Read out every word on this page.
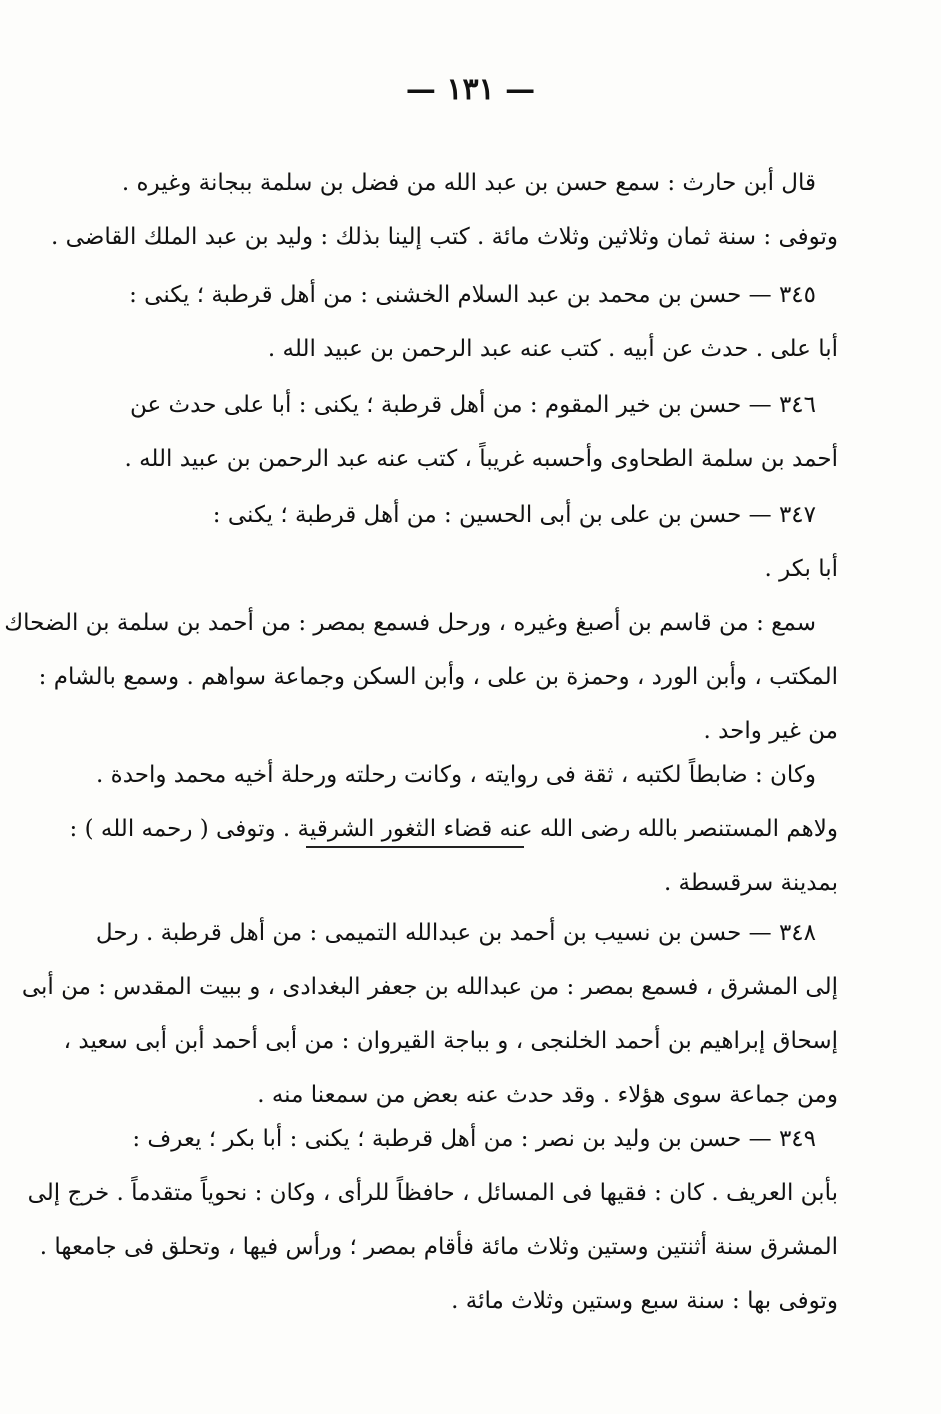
— ١٣١ —
قال أبن حارث : سمع حسن بن عبد الله من فضل بن سلمة ببجانة وغيره .
وتوفى : سنة ثمان وثلاثين وثلاث مائة . كتب إلينا بذلك : وليد بن عبد الملك القاضى .
٣٤٥ — حسن بن محمد بن عبد السلام الخشنى : من أهل قرطبة ؛ يكنى :
أبا على . حدث عن أبيه . كتب عنه عبد الرحمن بن عبيد الله .
٣٤٦ — حسن بن خير المقوم : من أهل قرطبة ؛ يكنى : أبا على حدث عن
أحمد بن سلمة الطحاوى وأحسبه غريباً ، كتب عنه عبد الرحمن بن عبيد الله .
٣٤٧ — حسن بن على بن أبى الحسين : من أهل قرطبة ؛ يكنى :
أبا بكر .
سمع : من قاسم بن أصبغ وغيره ، ورحل فسمع بمصر : من أحمد بن سلمة بن الضحاك
المكتب ، وأبن الورد ، وحمزة بن على ، وأبن السكن وجماعة سواهم . وسمع بالشام :
من غير واحد .
وكان : ضابطاً لكتبه ، ثقة فى روايته ، وكانت رحلته ورحلة أخيه محمد واحدة .
ولاهم المستنصر بالله رضى الله عنه قضاء الثغور الشرقية . وتوفى ( رحمه الله ) :
بمدينة سرقسطة .
٣٤٨ — حسن بن نسيب بن أحمد بن عبدالله التميمى : من أهل قرطبة . رحل
إلى المشرق ، فسمع بمصر : من عبدالله بن جعفر البغدادى ، و ببيت المقدس : من أبى
إسحاق إبراهيم بن أحمد الخلنجى ، و بباجة القيروان : من أبى أحمد أبن أبى سعيد ،
ومن جماعة سوى هؤلاء . وقد حدث عنه بعض من سمعنا منه .
٣٤٩ — حسن بن وليد بن نصر : من أهل قرطبة ؛ يكنى : أبا بكر ؛ يعرف :
بأبن العريف . كان : فقيها فى المسائل ، حافظاً للرأى ، وكان : نحوياً متقدماً . خرج إلى
المشرق سنة أثنتين وستين وثلاث مائة فأقام بمصر ؛ ورأس فيها ، وتحلق فى جامعها .
وتوفى بها : سنة سبع وستين وثلاث مائة .
